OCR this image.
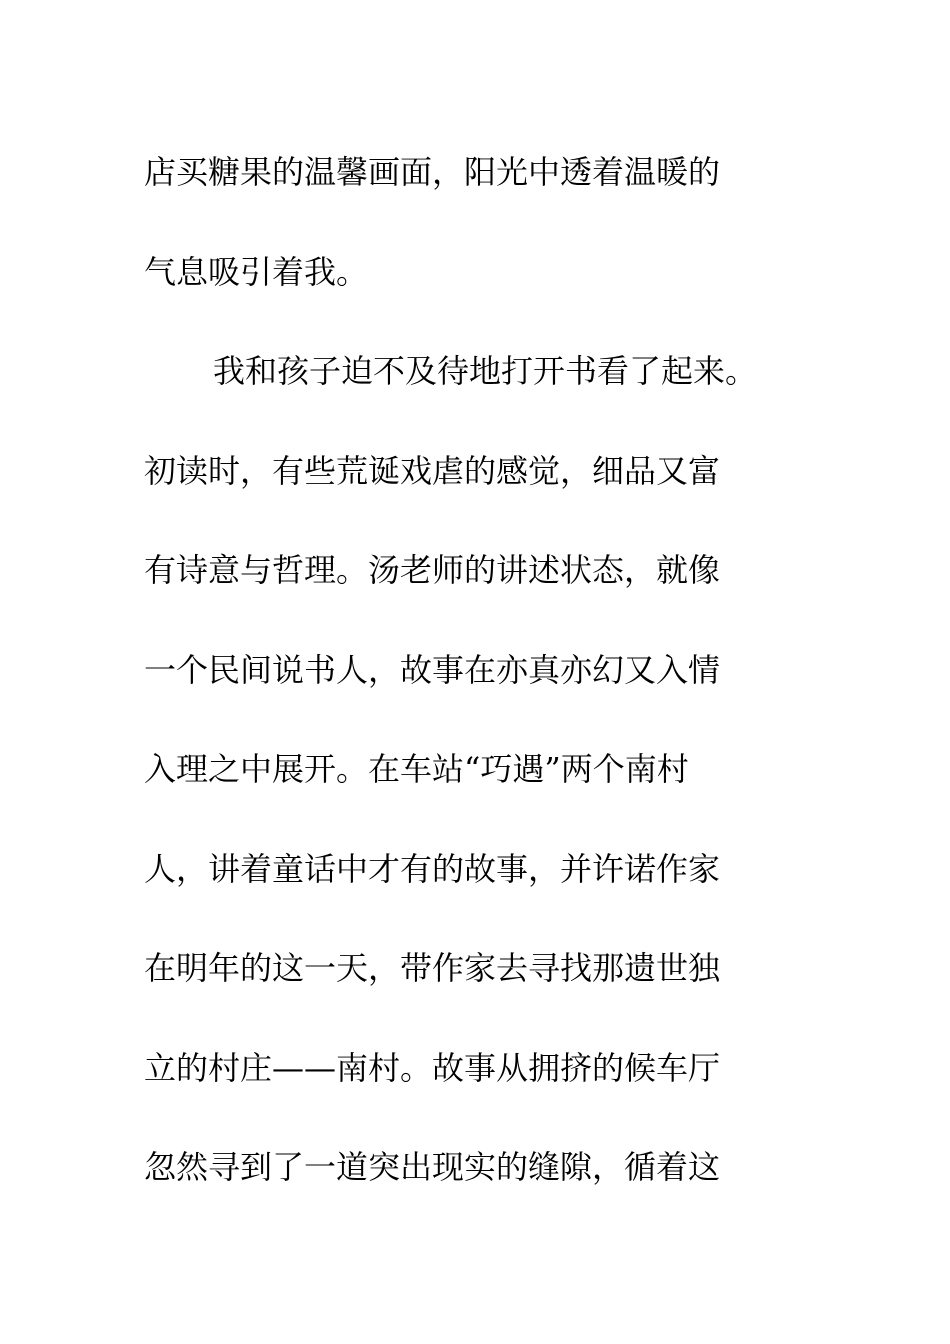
店买糖果的温馨画面，阳光中透着温暖的
气息吸引着我。
我和孩子迫不及待地打开书看了起来。
初读时，有些荒诞戏虐的感觉，细品又富
有诗意与哲理。汤老师的讲述状态，就像
一个民间说书人，故事在亦真亦幻又入情
入理之中展开。在车站“巧遇”两个南村
人，讲着童话中才有的故事，并许诺作家
在明年的这一天，带作家去寻找那遗世独
立的村庄——南村。故事从拥挤的候车厅
忽然寻到了一道突出现实的缝隙，循着这
